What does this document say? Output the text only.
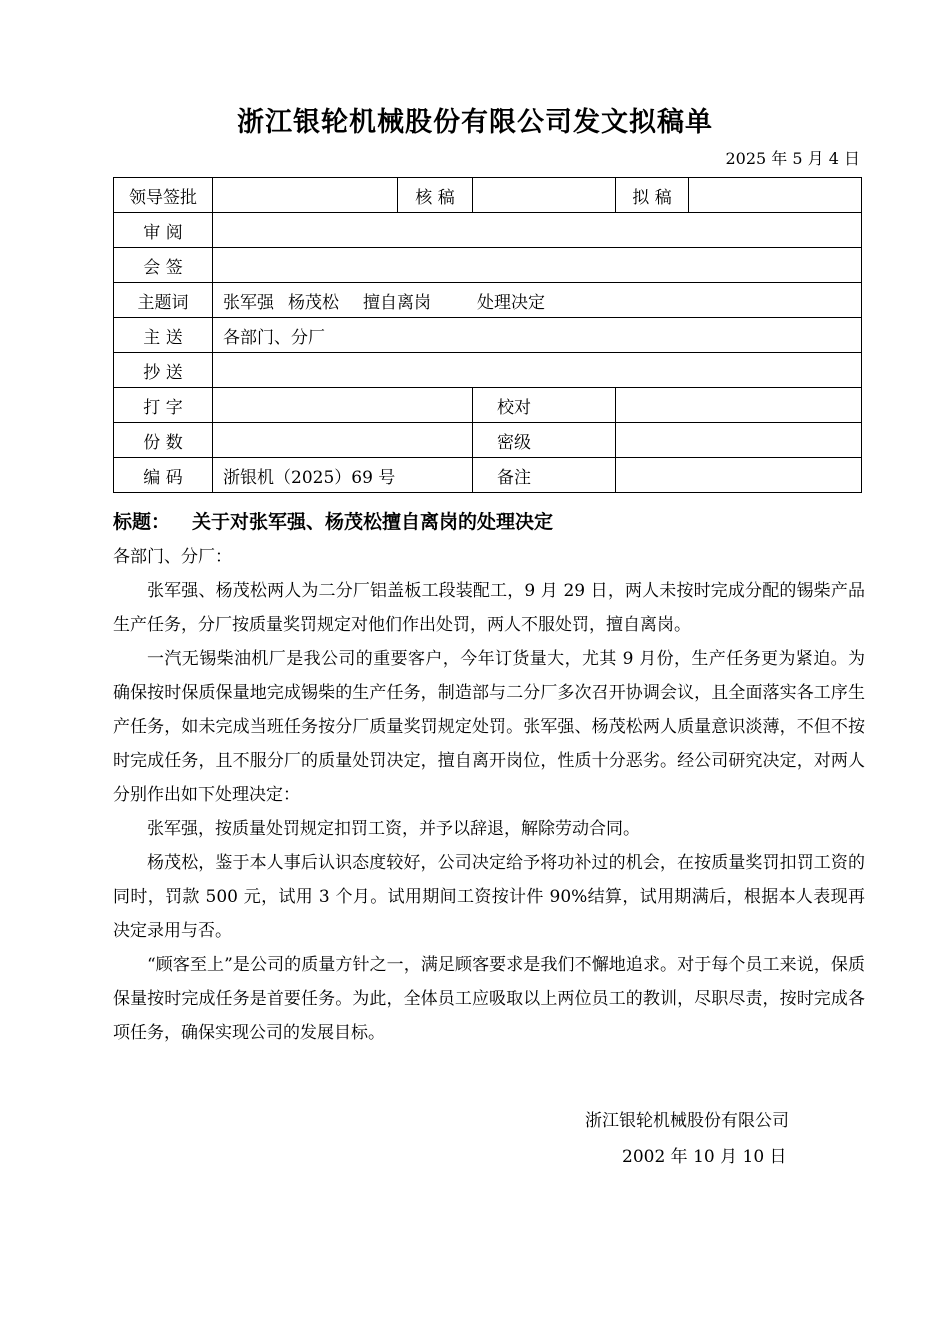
浙江银轮机械股份有限公司发文拟稿单
2025 年 5 月 4 日
领导签批		核 稿		拟 稿	
审 阅					
会 签					
主题词	张军强 杨茂松 擅自离岗 处理决定				
主 送	各部门、分厂				
抄 送					
打 字			校对		
份 数			密级		
编 码	浙银机（2025）69 号		备注		
标题： 关于对张军强、杨茂松擅自离岗的处理决定

各部门、分厂：

张军强、杨茂松两人为二分厂铝盖板工段装配工，9 月 29 日，两人未按时完成分配的锡柴产品生产任务，分厂按质量奖罚规定对他们作出处罚，两人不服处罚，擅自离岗。

一汽无锡柴油机厂是我公司的重要客户，今年订货量大，尤其 9 月份，生产任务更为紧迫。为确保按时保质保量地完成锡柴的生产任务，制造部与二分厂多次召开协调会议，且全面落实各工序生产任务，如未完成当班任务按分厂质量奖罚规定处罚。张军强、杨茂松两人质量意识淡薄，不但不按时完成任务，且不服分厂的质量处罚决定，擅自离开岗位，性质十分恶劣。经公司研究决定，对两人分别作出如下处理决定：

张军强，按质量处罚规定扣罚工资，并予以辞退，解除劳动合同。

杨茂松，鉴于本人事后认识态度较好，公司决定给予将功补过的机会，在按质量奖罚扣罚工资的同时，罚款 500 元，试用 3 个月。试用期间工资按计件 90%结算，试用期满后，根据本人表现再决定录用与否。

“顾客至上”是公司的质量方针之一，满足顾客要求是我们不懈地追求。对于每个员工来说，保质保量按时完成任务是首要任务。为此，全体员工应吸取以上两位员工的教训，尽职尽责，按时完成各项任务，确保实现公司的发展目标。

浙江银轮机械股份有限公司
2002 年 10 月 10 日
